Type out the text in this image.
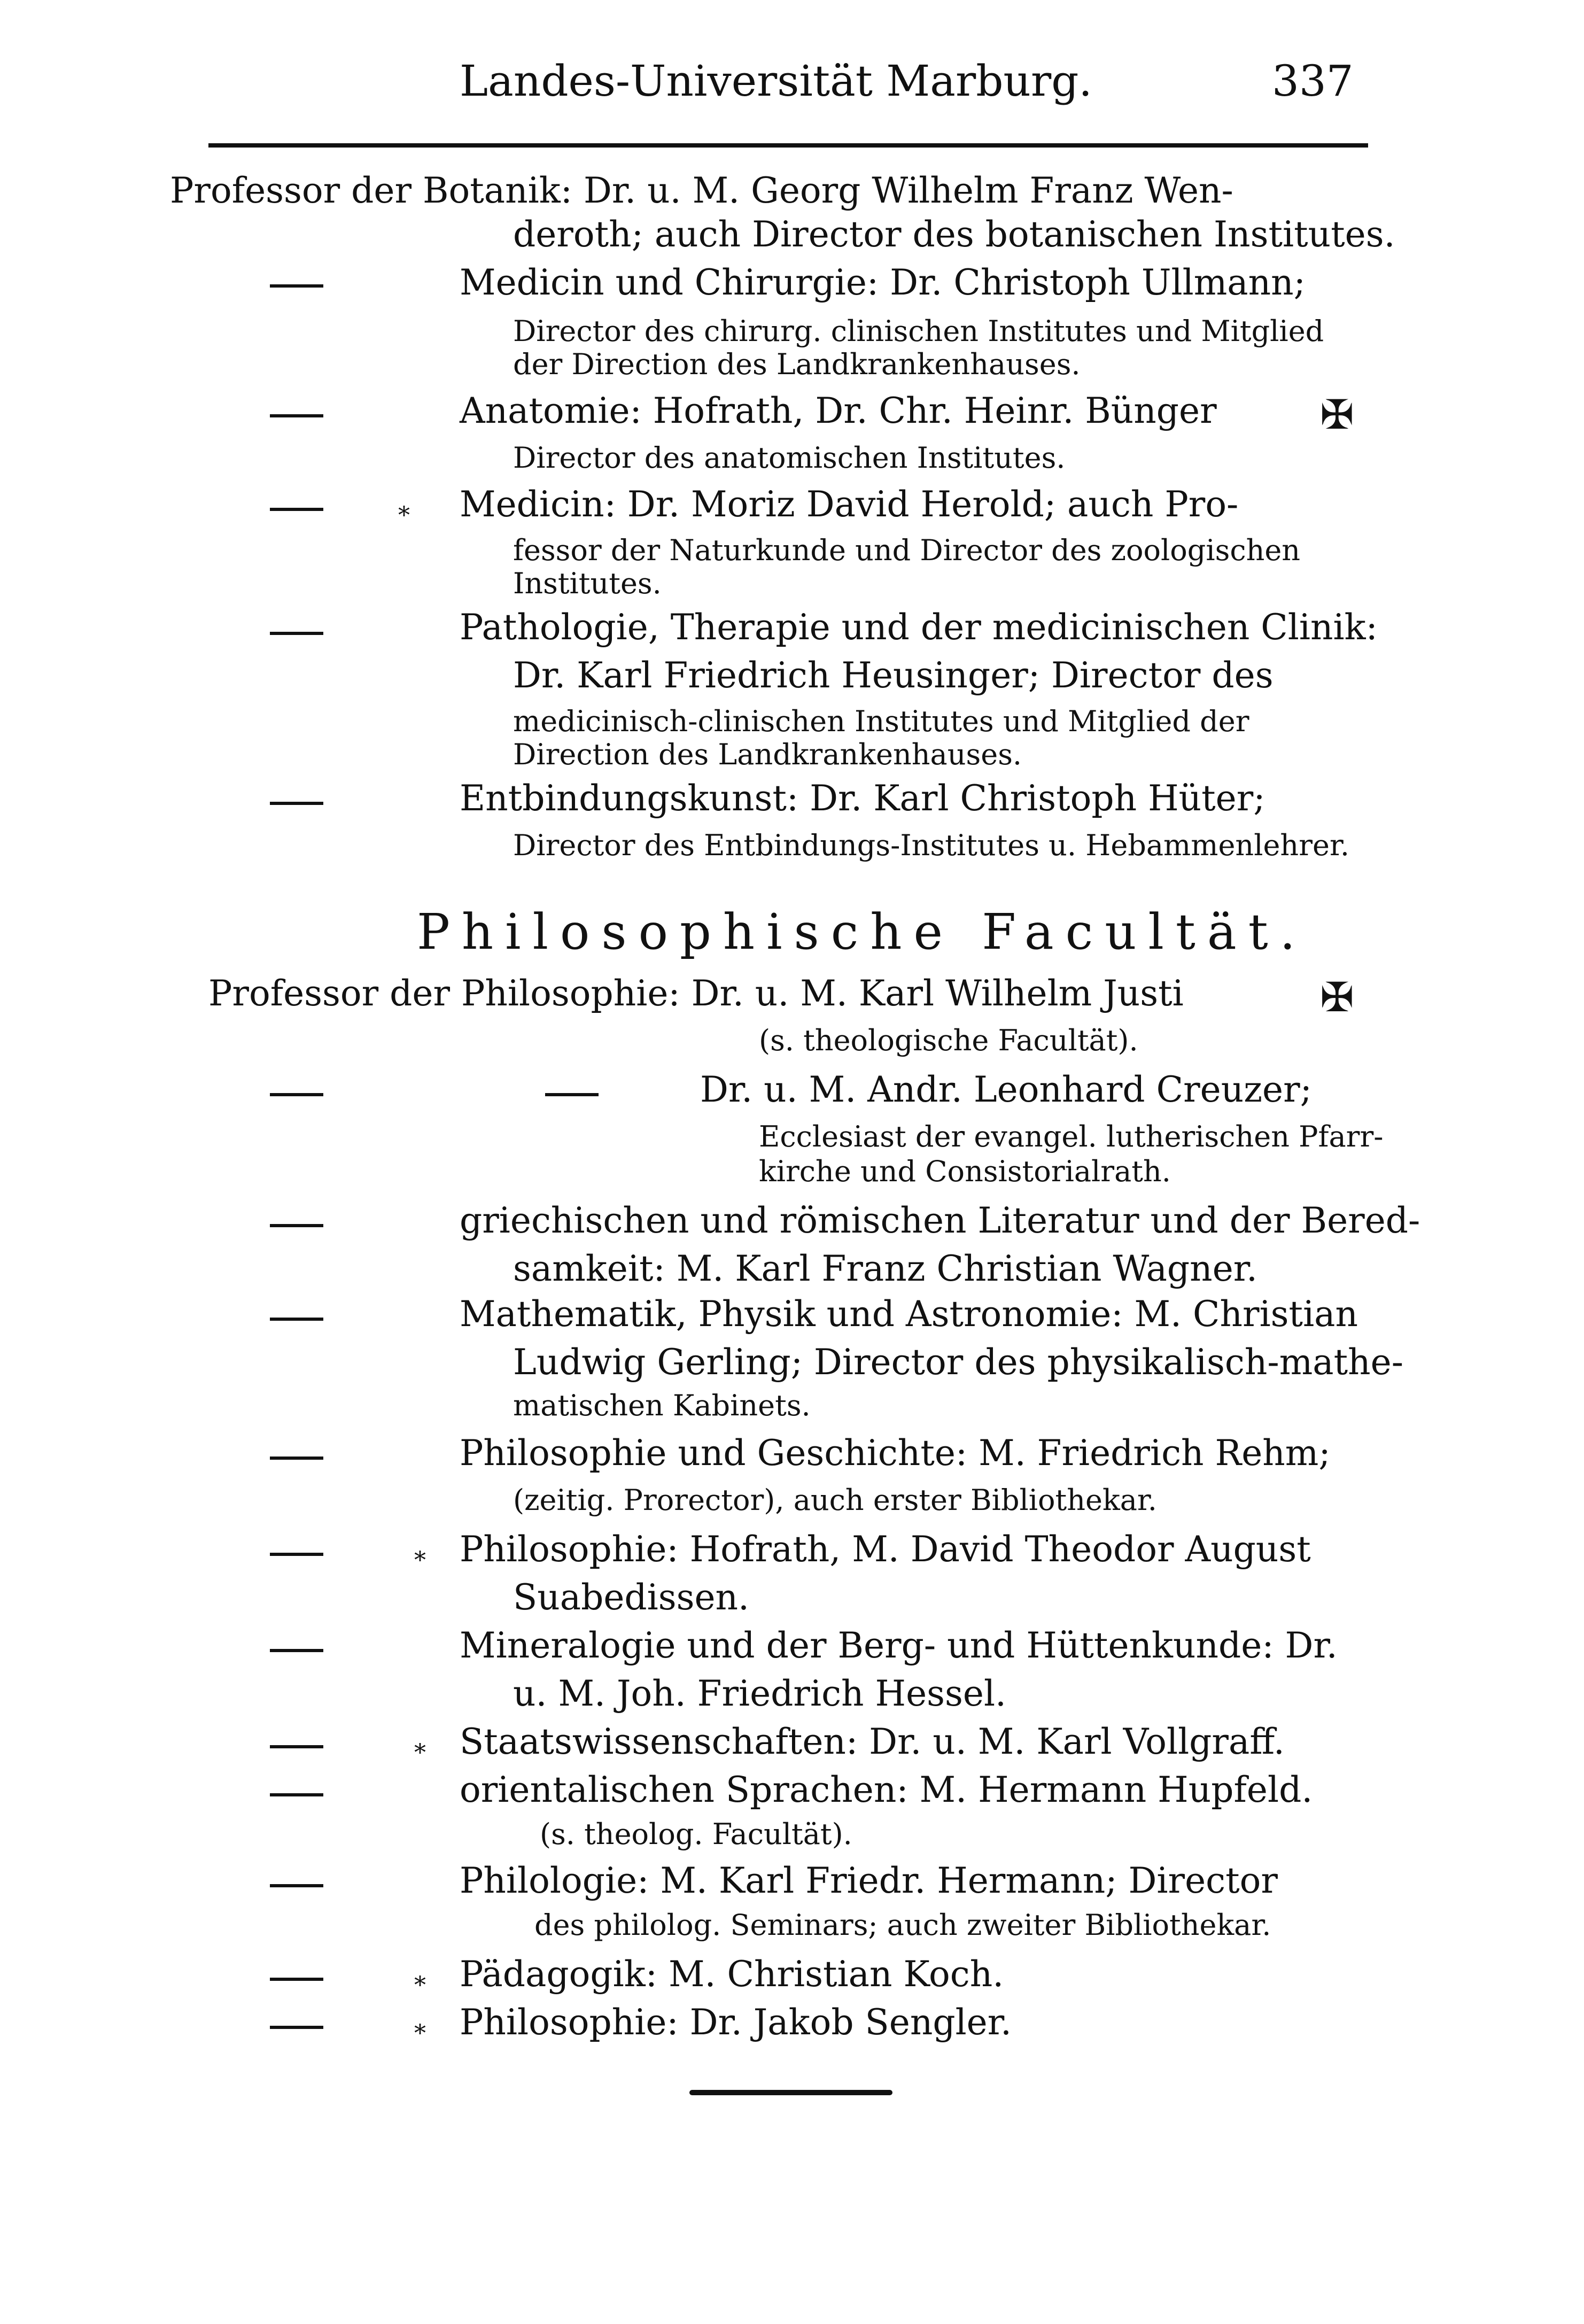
Landes-Universität Marburg.	337
Professor der Botanik: Dr. u. M. Georg Wilhelm Franz Wen-
deroth; auch Director des botanischen Institutes.
Medicin und Chirurgie: Dr. Christoph Ullmann;
Director des chirurg. clinischen Institutes und Mitglied
der Direction des Landkrankenhauses.
Anatomie: Hofrath, Dr. Chr. Heinr. Bünger	✠
Director des anatomischen Institutes.
⁎ Medicin: Dr. Moriz David Herold; auch Pro-
fessor der Naturkunde und Director des zoologischen
Institutes.
Pathologie, Therapie und der medicinischen Clinik:
Dr. Karl Friedrich Heusinger; Director des
medicinisch-clinischen Institutes und Mitglied der
Direction des Landkrankenhauses.
Entbindungskunst: Dr. Karl Christoph Hüter;
Director des Entbindungs-Institutes u. Hebammenlehrer.
Philosophische Facultät.
Professor der Philosophie: Dr. u. M. Karl Wilhelm Justi	✠
(s. theologische Facultät).
Dr. u. M. Andr. Leonhard Creuzer;
Ecclesiast der evangel. lutherischen Pfarr-
kirche und Consistorialrath.
griechischen und römischen Literatur und der Bered-
samkeit: M. Karl Franz Christian Wagner.
Mathematik, Physik und Astronomie: M. Christian
Ludwig Gerling; Director des physikalisch-mathe-
matischen Kabinets.
Philosophie und Geschichte: M. Friedrich Rehm;
(zeitig. Prorector), auch erster Bibliothekar.
⁎ Philosophie: Hofrath, M. David Theodor August
Suabedissen.
Mineralogie und der Berg- und Hüttenkunde: Dr.
u. M. Joh. Friedrich Hessel.
⁎ Staatswissenschaften: Dr. u. M. Karl Vollgraff.
orientalischen Sprachen: M. Hermann Hupfeld.
(s. theolog. Facultät).
Philologie: M. Karl Friedr. Hermann; Director
des philolog. Seminars; auch zweiter Bibliothekar.
⁎ Pädagogik: M. Christian Koch.
⁎ Philosophie: Dr. Jakob Sengler.
